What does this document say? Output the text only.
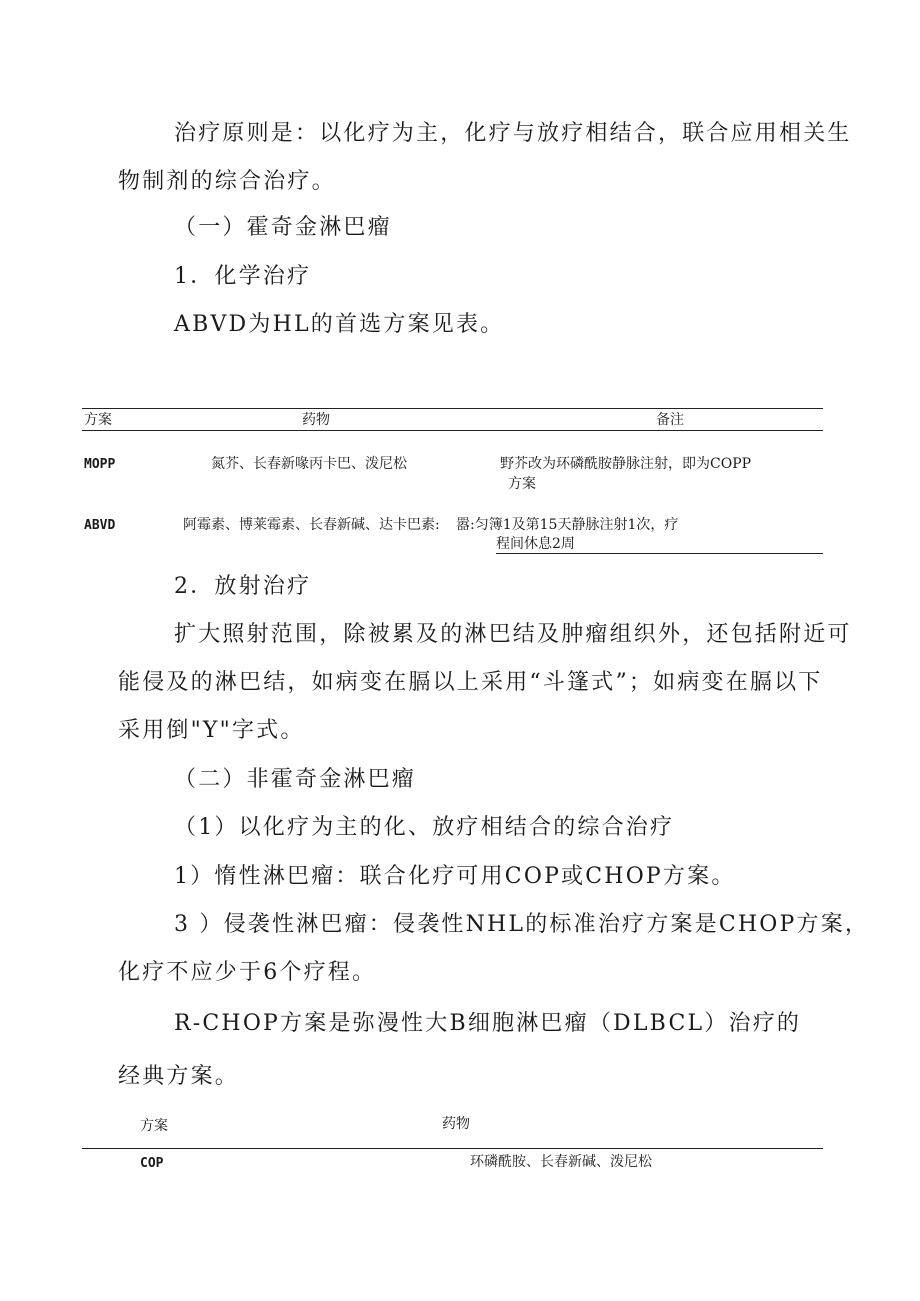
治疗原则是：以化疗为主，化疗与放疗相结合，联合应用相关生

物制剂的综合治疗。

（一）霍奇金淋巴瘤

1．化学治疗

ABVD为HL的首选方案见表。

方案	药物	备注
MOPP	氮芥、长春新喙丙卡巴、泼尼松	野芥改为环磷酰胺静脉注射，即为COPP
方案
ABVD	阿霉素、博莱霉素、长春新碱、达卡巴素: 嚣:匀簿1及第15天静脉注射1次，疗
程间休息2周

2．放射治疗

扩大照射范围，除被累及的淋巴结及肿瘤组织外，还包括附近可

能侵及的淋巴结，如病变在膈以上采用“斗篷式”；如病变在膈以下

采用倒"Y"字式。

（二）非霍奇金淋巴瘤

（1）以化疗为主的化、放疗相结合的综合治疗

1）惰性淋巴瘤：联合化疗可用COP或CHOP方案。

3 ）侵袭性淋巴瘤：侵袭性NHL的标准治疗方案是CHOP方案，

化疗不应少于6个疗程。

R-CHOP方案是弥漫性大B细胞淋巴瘤（DLBCL）治疗的

经典方案。

方案	药物
COP	环磷酰胺、长春新碱、泼尼松
